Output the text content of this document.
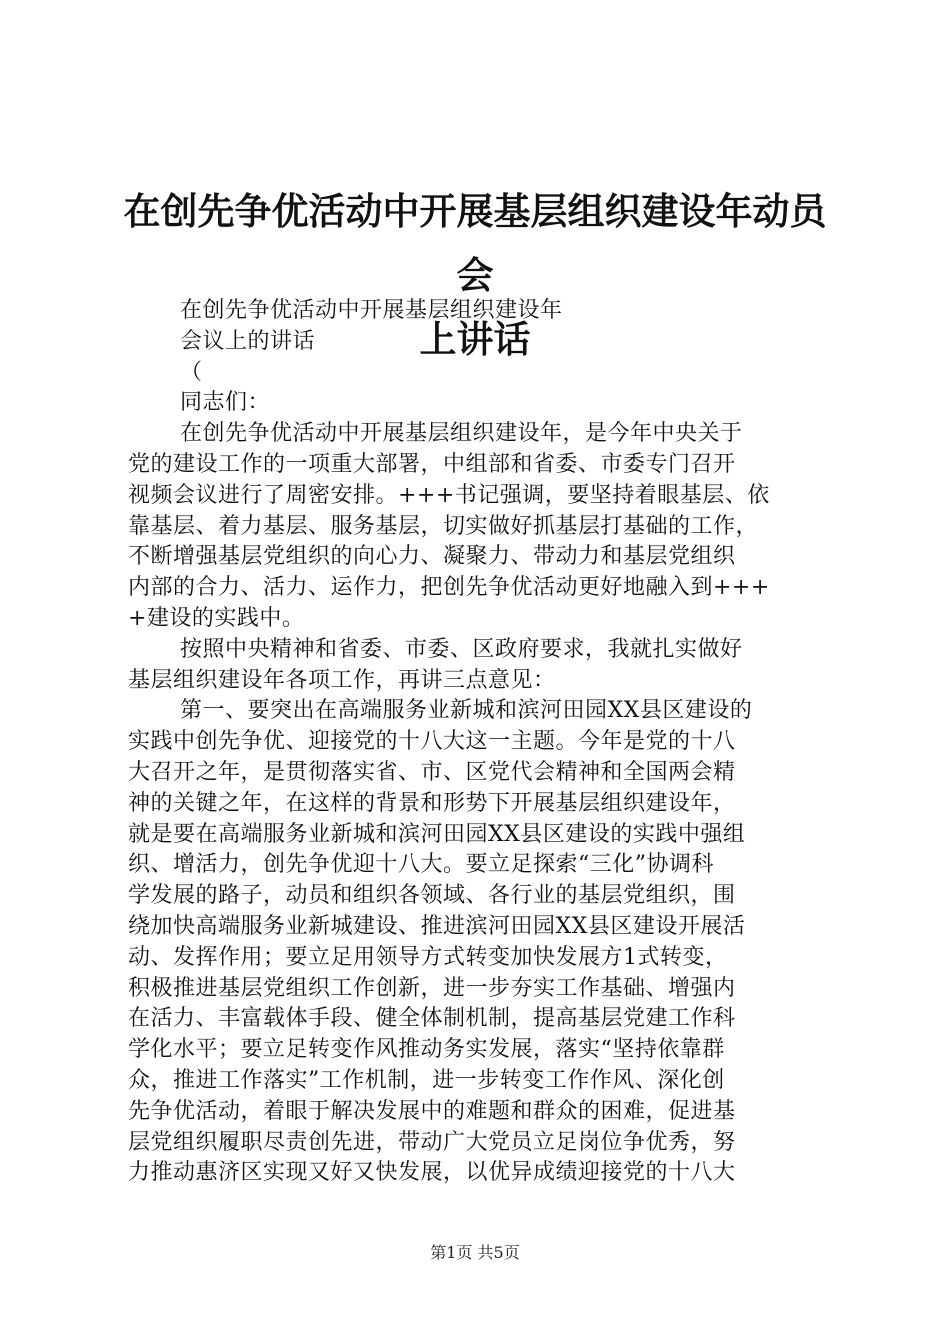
在创先争优活动中开展基层组织建设年动员会
上讲话
在创先争优活动中开展基层组织建设年
会议上的讲话
（
同志们：
在创先争优活动中开展基层组织建设年，是今年中央关于
党的建设工作的一项重大部署，中组部和省委、市委专门召开
视频会议进行了周密安排。+++书记强调，要坚持着眼基层、依
靠基层、着力基层、服务基层，切实做好抓基层打基础的工作，
不断增强基层党组织的向心力、凝聚力、带动力和基层党组织
内部的合力、活力、运作力，把创先争优活动更好地融入到+++
+建设的实践中。
按照中央精神和省委、市委、区政府要求，我就扎实做好
基层组织建设年各项工作，再讲三点意见：
第一、要突出在高端服务业新城和滨河田园XX县区建设的
实践中创先争优、迎接党的十八大这一主题。今年是党的十八
大召开之年，是贯彻落实省、市、区党代会精神和全国两会精
神的关键之年，在这样的背景和形势下开展基层组织建设年，
就是要在高端服务业新城和滨河田园XX县区建设的实践中强组
织、增活力，创先争优迎十八大。要立足探索“三化”协调科
学发展的路子，动员和组织各领域、各行业的基层党组织，围
绕加快高端服务业新城建设、推进滨河田园XX县区建设开展活
动、发挥作用；要立足用领导方式转变加快发展方1式转变，
积极推进基层党组织工作创新，进一步夯实工作基础、增强内
在活力、丰富载体手段、健全体制机制，提高基层党建工作科
学化水平；要立足转变作风推动务实发展，落实“坚持依靠群
众，推进工作落实”工作机制，进一步转变工作作风、深化创
先争优活动，着眼于解决发展中的难题和群众的困难，促进基
层党组织履职尽责创先进，带动广大党员立足岗位争优秀，努
力推动惠济区实现又好又快发展，以优异成绩迎接党的十八大
第1页 共5页
